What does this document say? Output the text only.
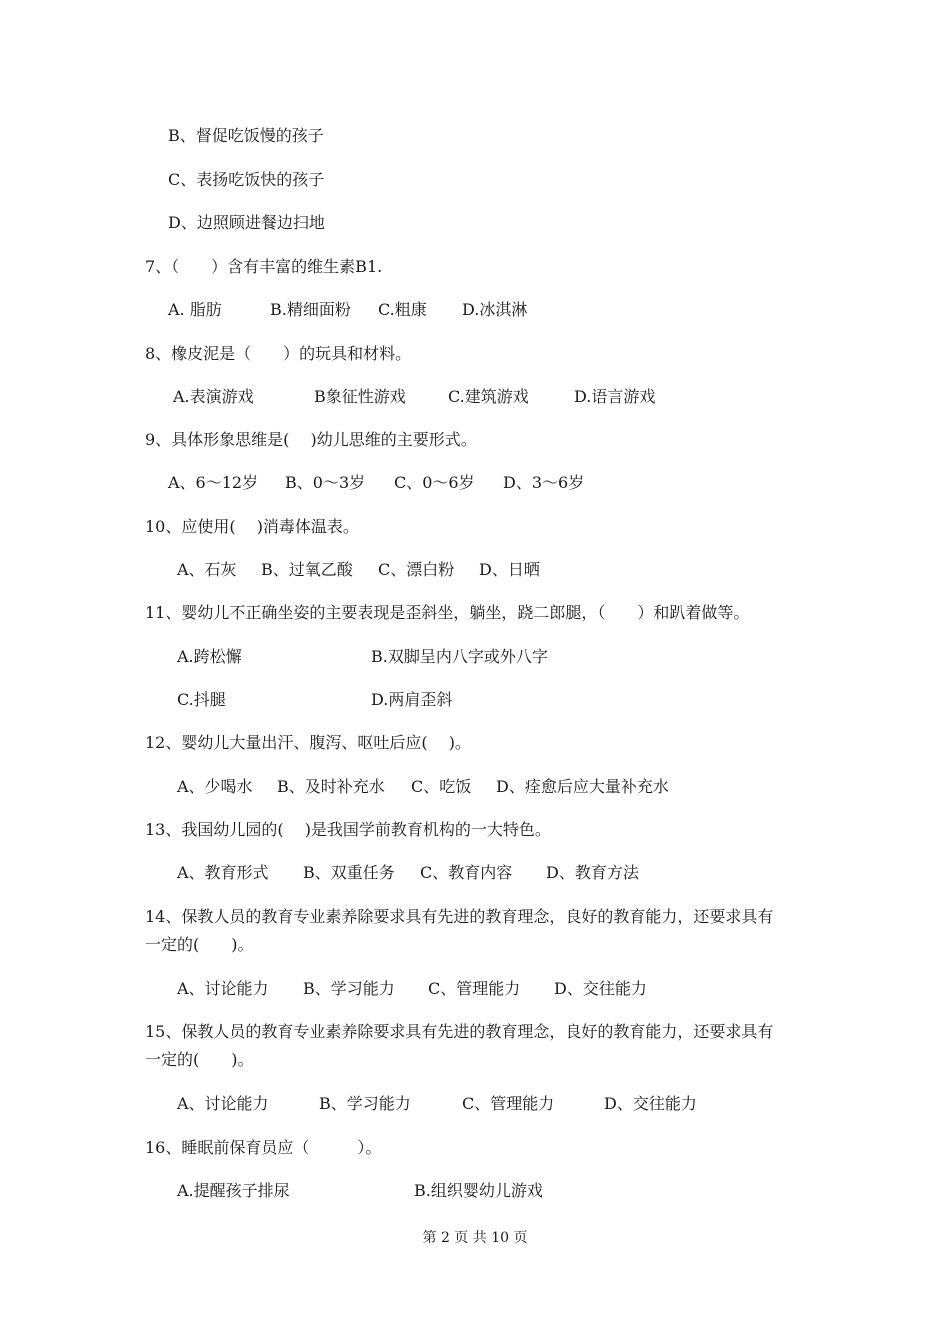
B、督促吃饭慢的孩子
C、表扬吃饭快的孩子
D、边照顾进餐边扫地
7、（　　）含有丰富的维生素B1.
A. 脂肪	B.精细面粉 C.粗康 D.冰淇淋
8、橡皮泥是（　　）的玩具和材料。
A.表演游戏	B象征性游戏	C.建筑游戏	D.语言游戏
9、具体形象思维是(　 )幼儿思维的主要形式。
A、6～12岁 B、0～3岁 C、0～6岁 D、3～6岁
10、应使用(　 )消毒体温表。
A、石灰 B、过氧乙酸 C、漂白粉 D、日晒
11、婴幼儿不正确坐姿的主要表现是歪斜坐，躺坐，跷二郎腿，（　　）和趴着做等。
A.跨松懈	B.双脚呈内八字或外八字
C.抖腿	D.两肩歪斜
12、婴幼儿大量出汗、腹泻、呕吐后应(　 )。
A、少喝水 B、及时补充水 C、吃饭 D、痊愈后应大量补充水
13、我国幼儿园的(　 )是我国学前教育机构的一大特色。
A、教育形式 B、双重任务 C、教育内容 D、教育方法
14、保教人员的教育专业素养除要求具有先进的教育理念，良好的教育能力，还要求具有
一定的(　　)。
A、讨论能力 B、学习能力 C、管理能力 D、交往能力
15、保教人员的教育专业素养除要求具有先进的教育理念，良好的教育能力，还要求具有
一定的(　　)。
A、讨论能力	B、学习能力	C、管理能力	D、交往能力
16、睡眠前保育员应（　　　）。
A.提醒孩子排尿	B.组织婴幼儿游戏
第 2 页 共 10 页
